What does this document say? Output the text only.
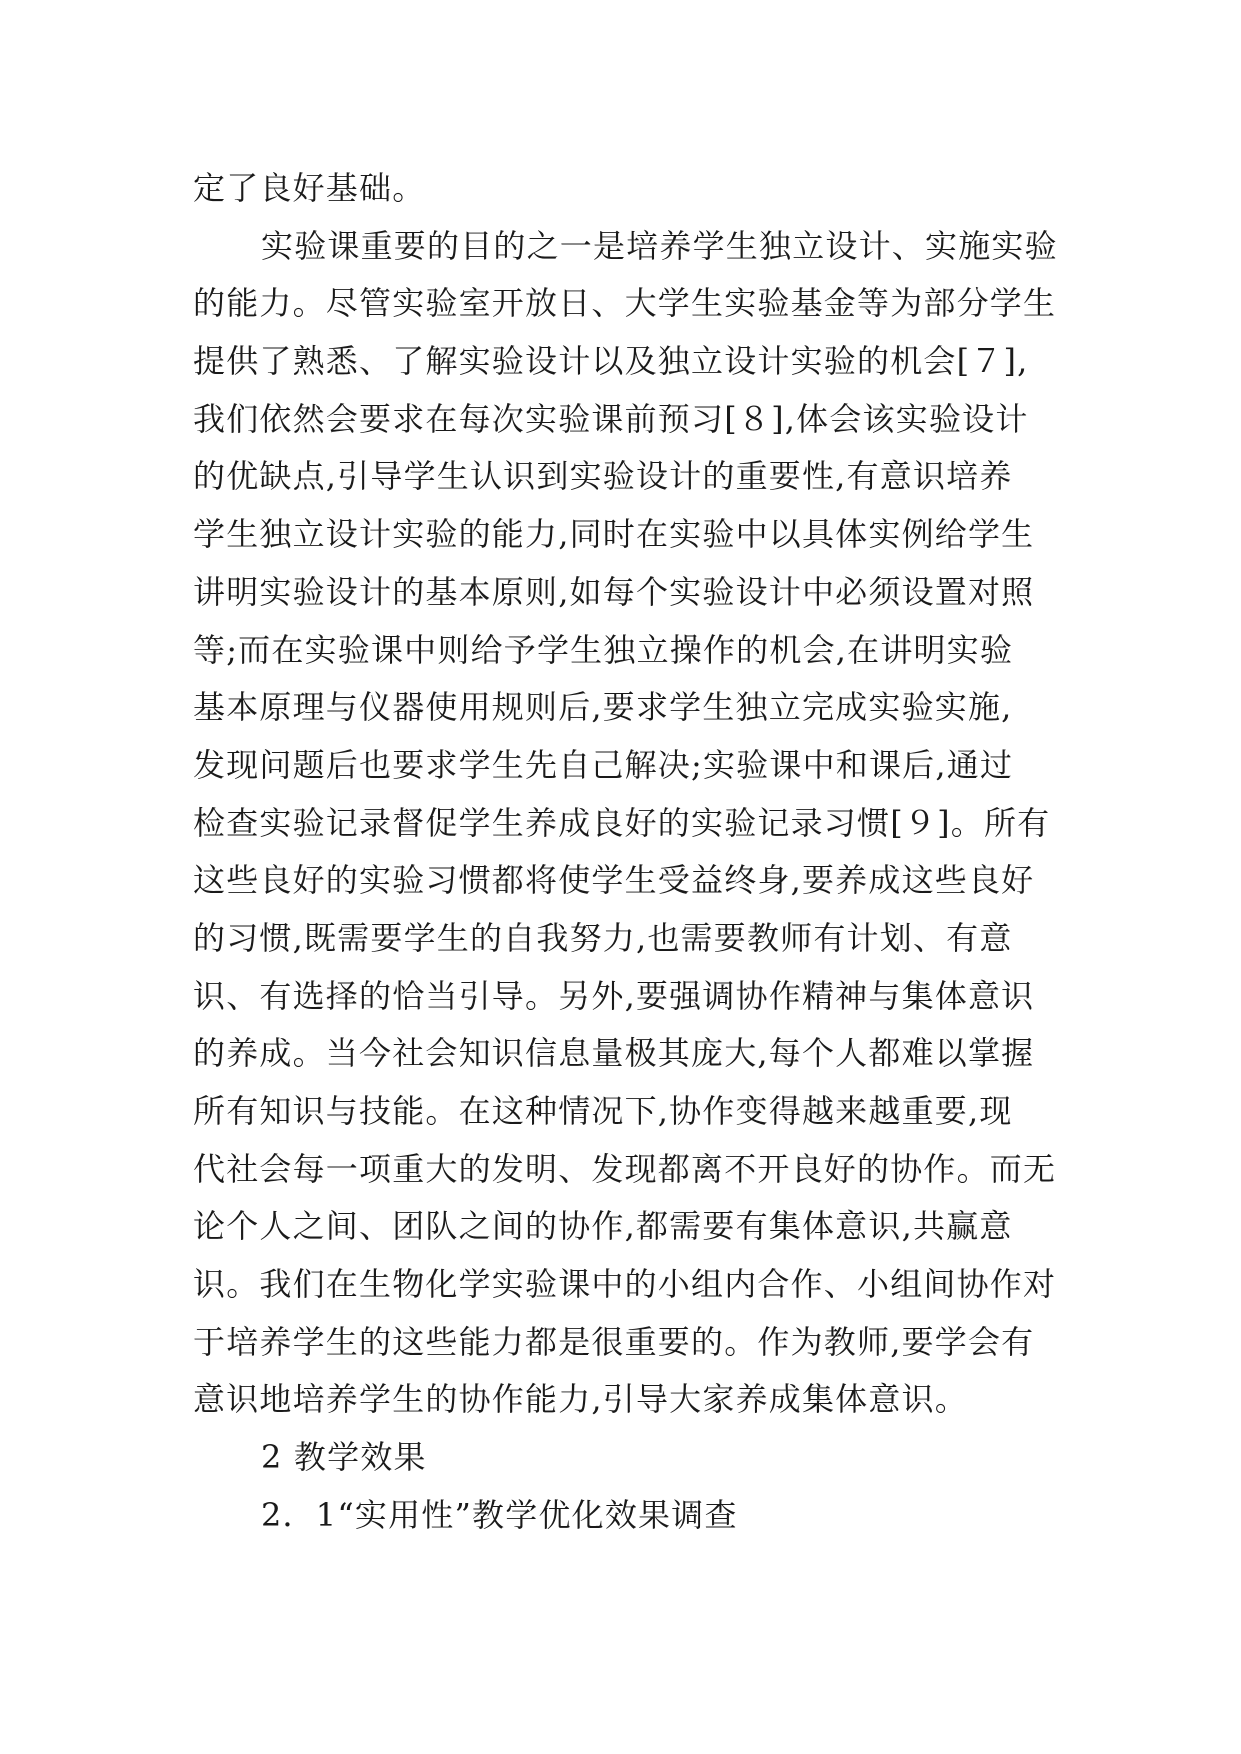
定了良好基础。
实验课重要的目的之一是培养学生独立设计、实施实验
的能力。尽管实验室开放日、大学生实验基金等为部分学生
提供了熟悉、了解实验设计以及独立设计实验的机会[７],
我们依然会要求在每次实验课前预习[８],体会该实验设计
的优缺点,引导学生认识到实验设计的重要性,有意识培养
学生独立设计实验的能力,同时在实验中以具体实例给学生
讲明实验设计的基本原则,如每个实验设计中必须设置对照
等;而在实验课中则给予学生独立操作的机会,在讲明实验
基本原理与仪器使用规则后,要求学生独立完成实验实施,
发现问题后也要求学生先自己解决;实验课中和课后,通过
检查实验记录督促学生养成良好的实验记录习惯[９]。所有
这些良好的实验习惯都将使学生受益终身,要养成这些良好
的习惯,既需要学生的自我努力,也需要教师有计划、有意
识、有选择的恰当引导。另外,要强调协作精神与集体意识
的养成。当今社会知识信息量极其庞大,每个人都难以掌握
所有知识与技能。在这种情况下,协作变得越来越重要,现
代社会每一项重大的发明、发现都离不开良好的协作。而无
论个人之间、团队之间的协作,都需要有集体意识,共赢意
识。我们在生物化学实验课中的小组内合作、小组间协作对
于培养学生的这些能力都是很重要的。作为教师,要学会有
意识地培养学生的协作能力,引导大家养成集体意识。
2 教学效果
2．1“实用性”教学优化效果调查
